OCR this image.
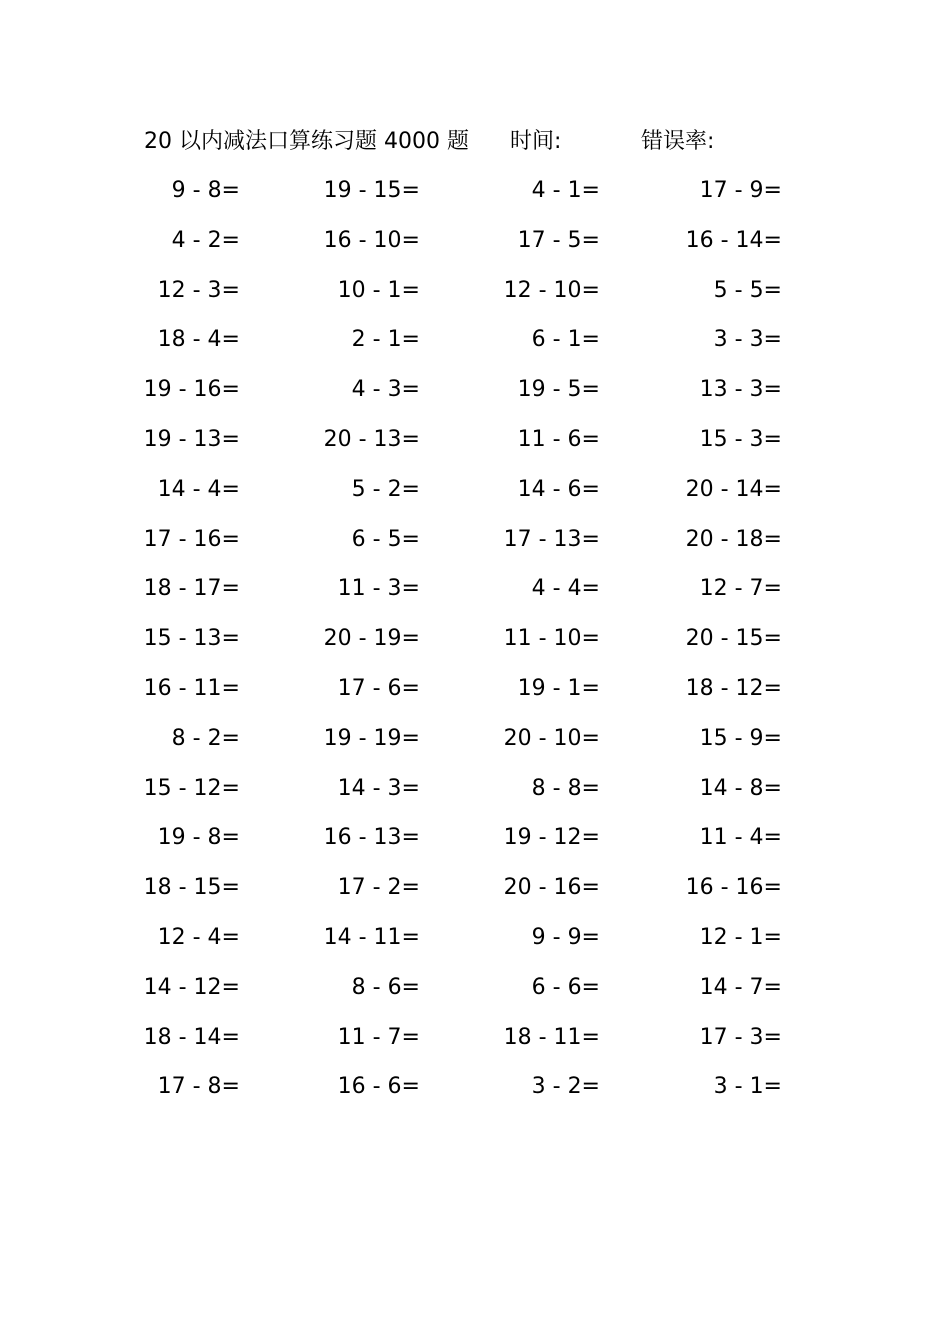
20 以内减法口算练习题 4000 题 时间:	错误率:
9 - 8=	19 - 15=	4 - 1=	17 - 9=
4 - 2=	16 - 10=	17 - 5=	16 - 14=
12 - 3=	10 - 1=	12 - 10=	5 - 5=
18 - 4=	2 - 1=	6 - 1=	3 - 3=
19 - 16=	4 - 3=	19 - 5=	13 - 3=
19 - 13=	20 - 13=	11 - 6=	15 - 3=
14 - 4=	5 - 2=	14 - 6=	20 - 14=
17 - 16=	6 - 5=	17 - 13=	20 - 18=
18 - 17=	11 - 3=	4 - 4=	12 - 7=
15 - 13=	20 - 19=	11 - 10=	20 - 15=
16 - 11=	17 - 6=	19 - 1=	18 - 12=
8 - 2=	19 - 19=	20 - 10=	15 - 9=
15 - 12=	14 - 3=	8 - 8=	14 - 8=
19 - 8=	16 - 13=	19 - 12=	11 - 4=
18 - 15=	17 - 2=	20 - 16=	16 - 16=
12 - 4=	14 - 11=	9 - 9=	12 - 1=
14 - 12=	8 - 6=	6 - 6=	14 - 7=
18 - 14=	11 - 7=	18 - 11=	17 - 3=
17 - 8=	16 - 6=	3 - 2=	3 - 1=
